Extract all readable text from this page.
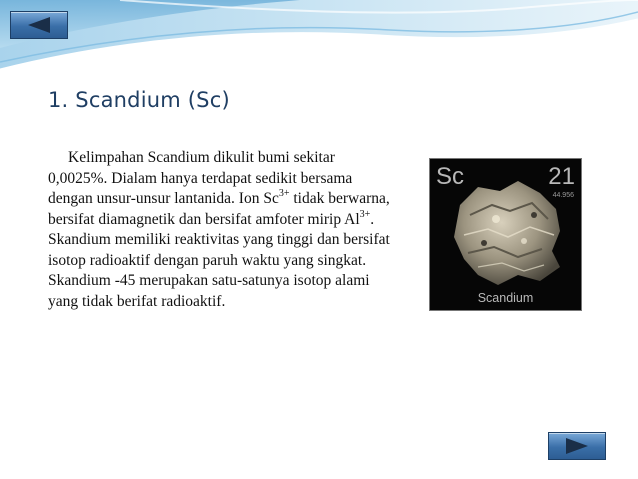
1. Scandium (Sc)

Kelimpahan Scandium dikulit bumi sekitar 0,0025%. Dialam hanya terdapat sedikit bersama dengan unsur-unsur lantanida. Ion $Sc^{3+}$ tidak berwarna, bersifat diamagnetik dan bersifat amfoter mirip $Al^{3+}$. Skandium memiliki reaktivitas yang tinggi dan bersifat isotop radioaktif dengan paruh waktu yang singkat. Skandium -45 merupakan satu-satunya isotop alami yang tidak berifat radioaktif.

Sc	21
44.956
Scandium
